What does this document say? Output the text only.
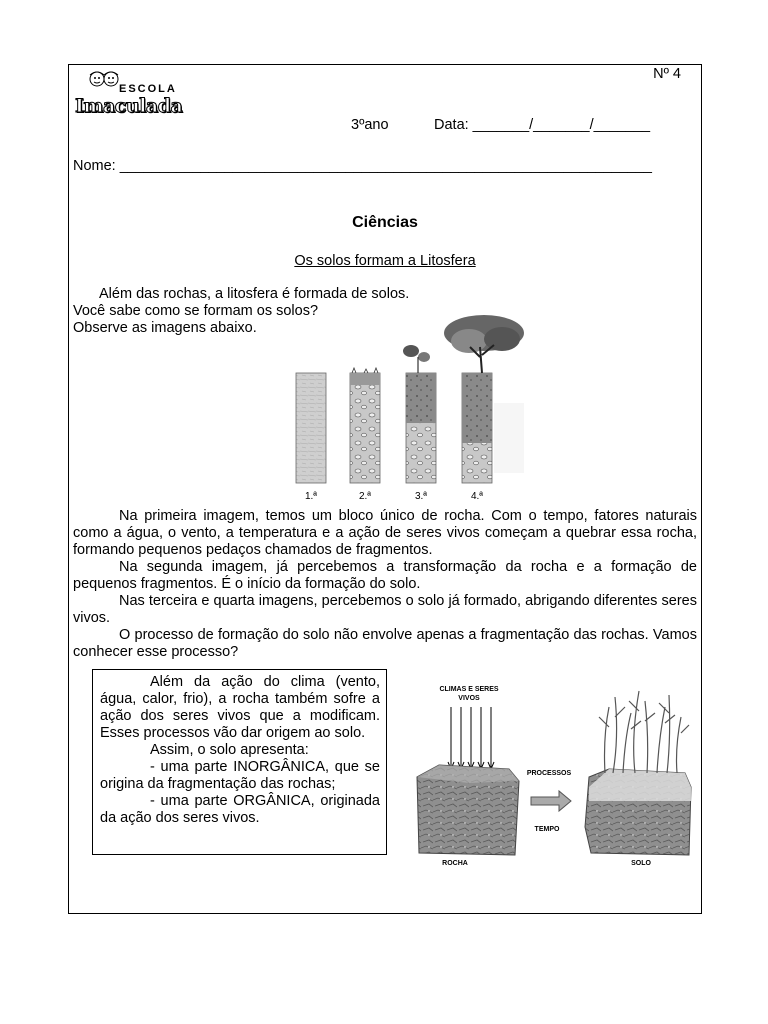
Nº 4
ESCOLA
Imaculada
3ºano	Data: _______/_______/_______
Nome: __________________________________________________________________
Ciências
Os solos formam a Litosfera
Além das rochas, a litosfera é formada de solos.
Você sabe como se formam os solos?
Observe as imagens abaixo.
1.ª	2.ª	3.ª	4.ª

Na primeira imagem, temos um bloco único de rocha. Com o tempo, fatores naturais como a água, o vento, a temperatura e a ação de seres vivos começam a quebrar essa rocha, formando pequenos pedaços chamados de fragmentos.

Na segunda imagem, já percebemos a transformação da rocha e a formação de pequenos fragmentos. É o início da formação do solo.

Nas terceira e quarta imagens, percebemos o solo já formado, abrigando diferentes seres vivos.

O processo de formação do solo não envolve apenas a fragmentação das rochas. Vamos conhecer esse processo?

Além da ação do clima (vento, água, calor, frio), a rocha também sofre a ação dos seres vivos que a modificam. Esses processos vão dar origem ao solo.

Assim, o solo apresenta:

- uma parte INORGÂNICA, que se origina da fragmentação das rochas;

- uma parte ORGÂNICA, originada da ação dos seres vivos.

CLIMAS E SERES
VIVOS
ROCHA
PROCESSOS
TEMPO
SOLO
